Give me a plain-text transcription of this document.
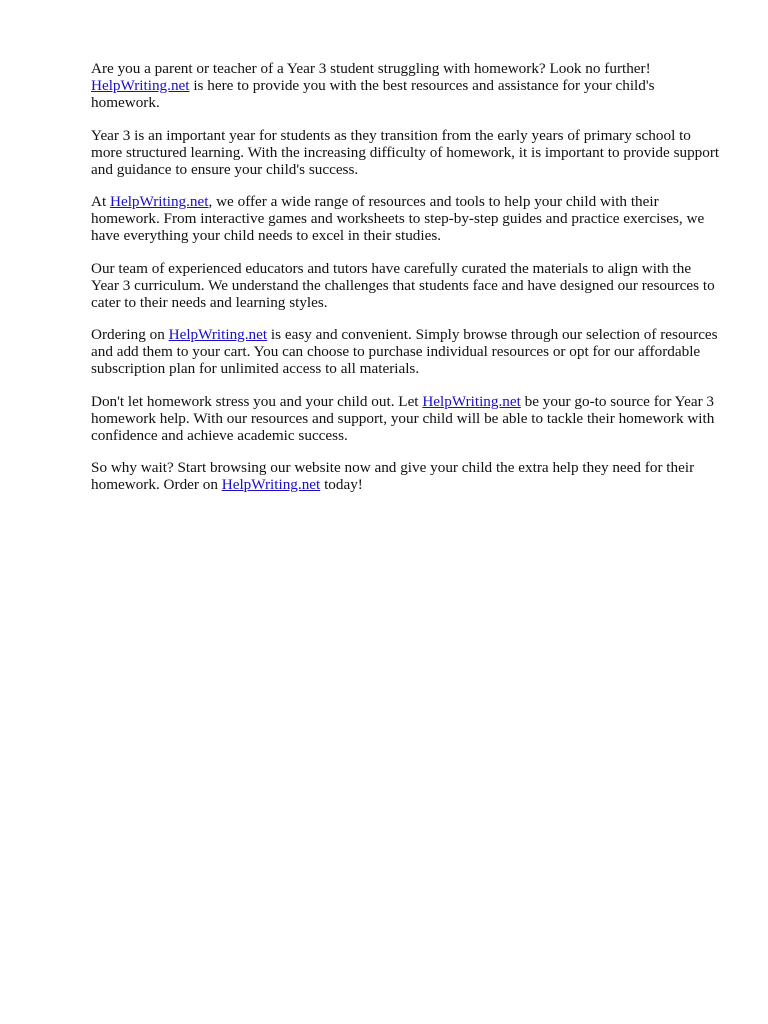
Are you a parent or teacher of a Year 3 student struggling with homework? Look no further! HelpWriting.net is here to provide you with the best resources and assistance for your child's homework.

Year 3 is an important year for students as they transition from the early years of primary school to more structured learning. With the increasing difficulty of homework, it is important to provide support and guidance to ensure your child's success.

At HelpWriting.net, we offer a wide range of resources and tools to help your child with their homework. From interactive games and worksheets to step-by-step guides and practice exercises, we have everything your child needs to excel in their studies.

Our team of experienced educators and tutors have carefully curated the materials to align with the Year 3 curriculum. We understand the challenges that students face and have designed our resources to cater to their needs and learning styles.

Ordering on HelpWriting.net is easy and convenient. Simply browse through our selection of resources and add them to your cart. You can choose to purchase individual resources or opt for our affordable subscription plan for unlimited access to all materials.

Don't let homework stress you and your child out. Let HelpWriting.net be your go-to source for Year 3 homework help. With our resources and support, your child will be able to tackle their homework with confidence and achieve academic success.

So why wait? Start browsing our website now and give your child the extra help they need for their homework. Order on HelpWriting.net today!
